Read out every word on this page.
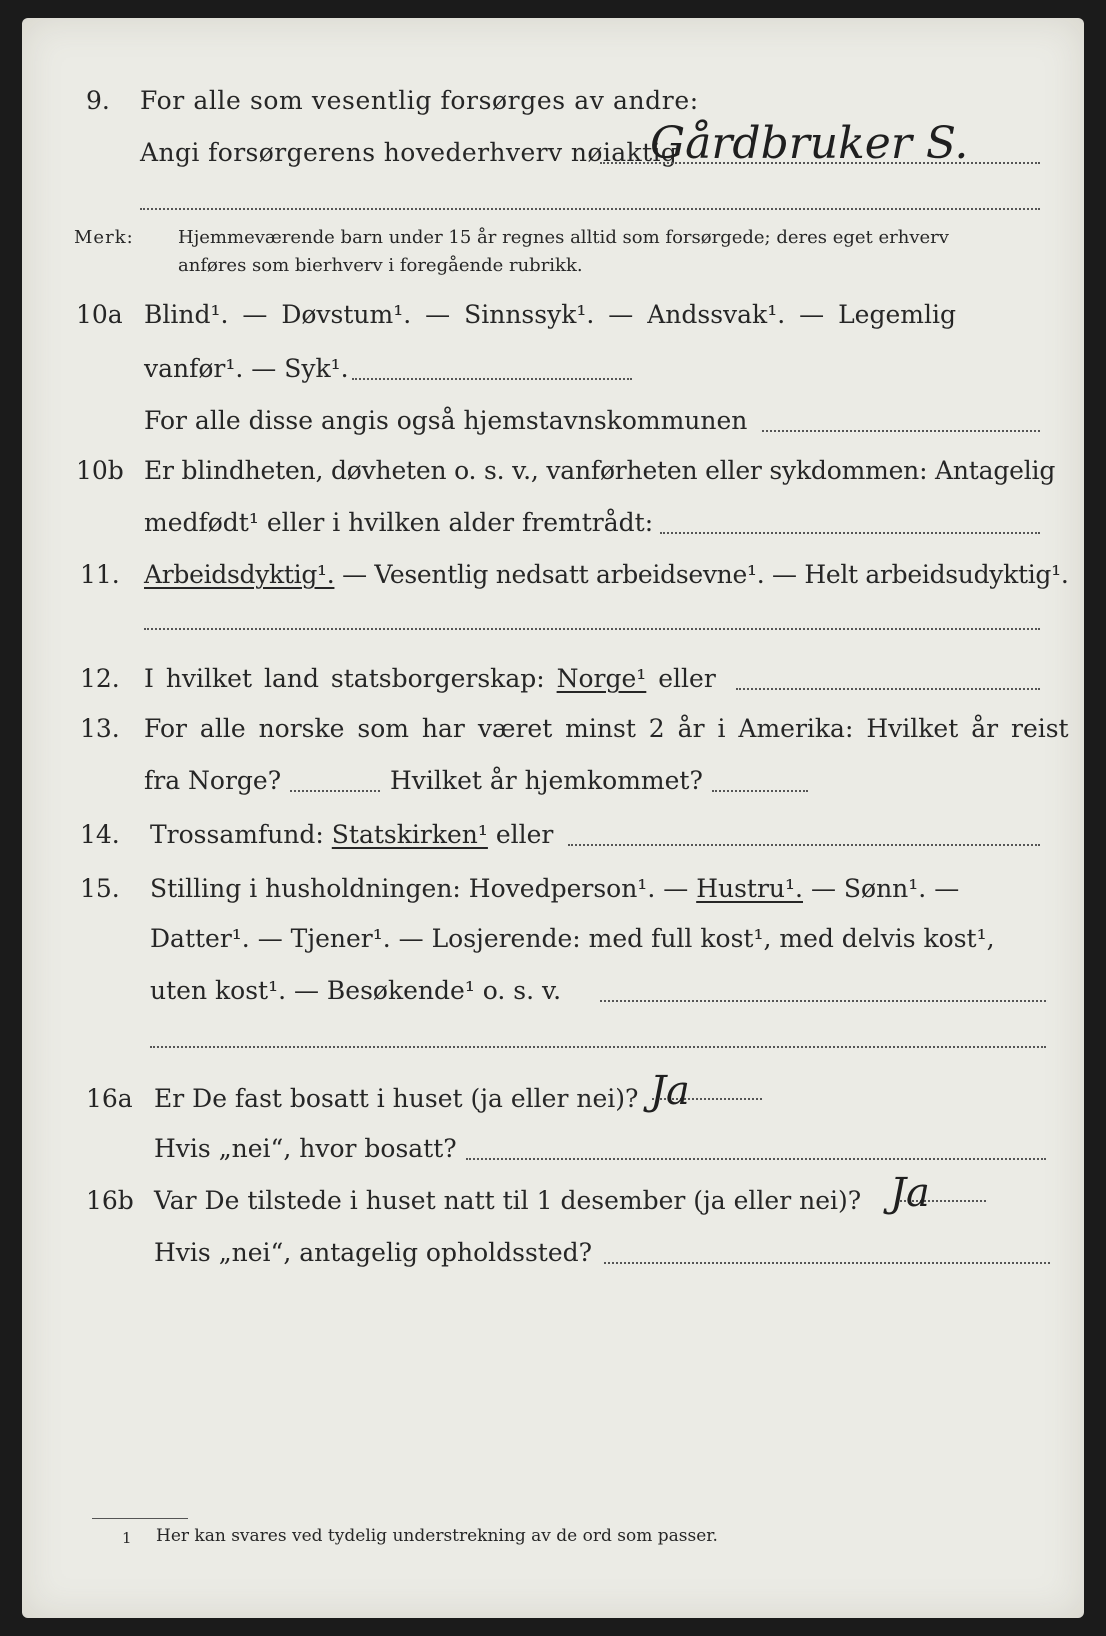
9. For alle som vesentlig forsørges av andre:
Angi forsørgerens hovederhverv nøiaktig
Gårdbruker S.
Merk: Hjemmeværende barn under 15 år regnes alltid som forsørgede; deres eget erhverv
anføres som bierhverv i foregående rubrikk.
10a Blind¹. — Døvstum¹. — Sinnssyk¹. — Andssvak¹. — Legemlig
vanfør¹. — Syk¹.
For alle disse angis også hjemstavnskommunen
10b Er blindheten, døvheten o. s. v., vanførheten eller sykdommen: Antagelig
medfødt¹ eller i hvilken alder fremtrådt:
11. Arbeidsdyktig¹. — Vesentlig nedsatt arbeidsevne¹. — Helt arbeidsudyktig¹.
12. I hvilket land statsborgerskap: Norge¹ eller
13. For alle norske som har været minst 2 år i Amerika: Hvilket år reist
fra Norge?	Hvilket år hjemkommet?
14. Trossamfund: Statskirken¹ eller
15. Stilling i husholdningen: Hovedperson¹. — Hustru¹. — Sønn¹. —
Datter¹. — Tjener¹. — Losjerende: med full kost¹, med delvis kost¹,
uten kost¹. — Besøkende¹ o. s. v.
16a Er De fast bosatt i huset (ja eller nei)? Ja
Hvis „nei“, hvor bosatt?
16b Var De tilstede i huset natt til 1 desember (ja eller nei)? Ja
Hvis „nei“, antagelig opholdssted?
1 Her kan svares ved tydelig understrekning av de ord som passer.
